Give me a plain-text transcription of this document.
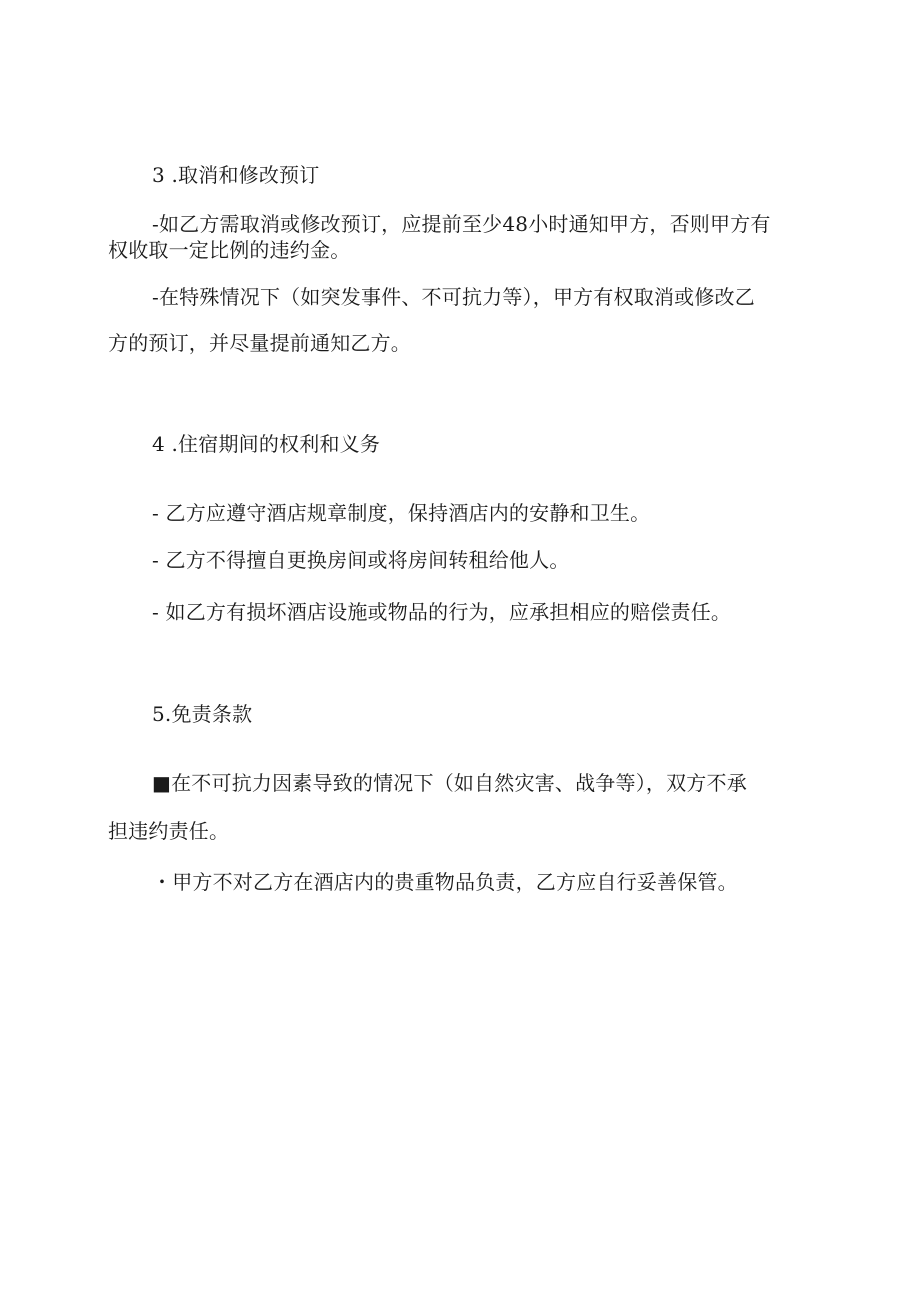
3 .取消和修改预订
-如乙方需取消或修改预订，应提前至少48小时通知甲方，否则甲方有
权收取一定比例的违约金。
-在特殊情况下（如突发事件、不可抗力等），甲方有权取消或修改乙
方的预订，并尽量提前通知乙方。
4 .住宿期间的权利和义务
- 乙方应遵守酒店规章制度，保持酒店内的安静和卫生。
- 乙方不得擅自更换房间或将房间转租给他人。
- 如乙方有损坏酒店设施或物品的行为，应承担相应的赔偿责任。
5.免责条款
■在不可抗力因素导致的情况下（如自然灾害、战争等），双方不承
担违约责任。
・甲方不对乙方在酒店内的贵重物品负责，乙方应自行妥善保管。
